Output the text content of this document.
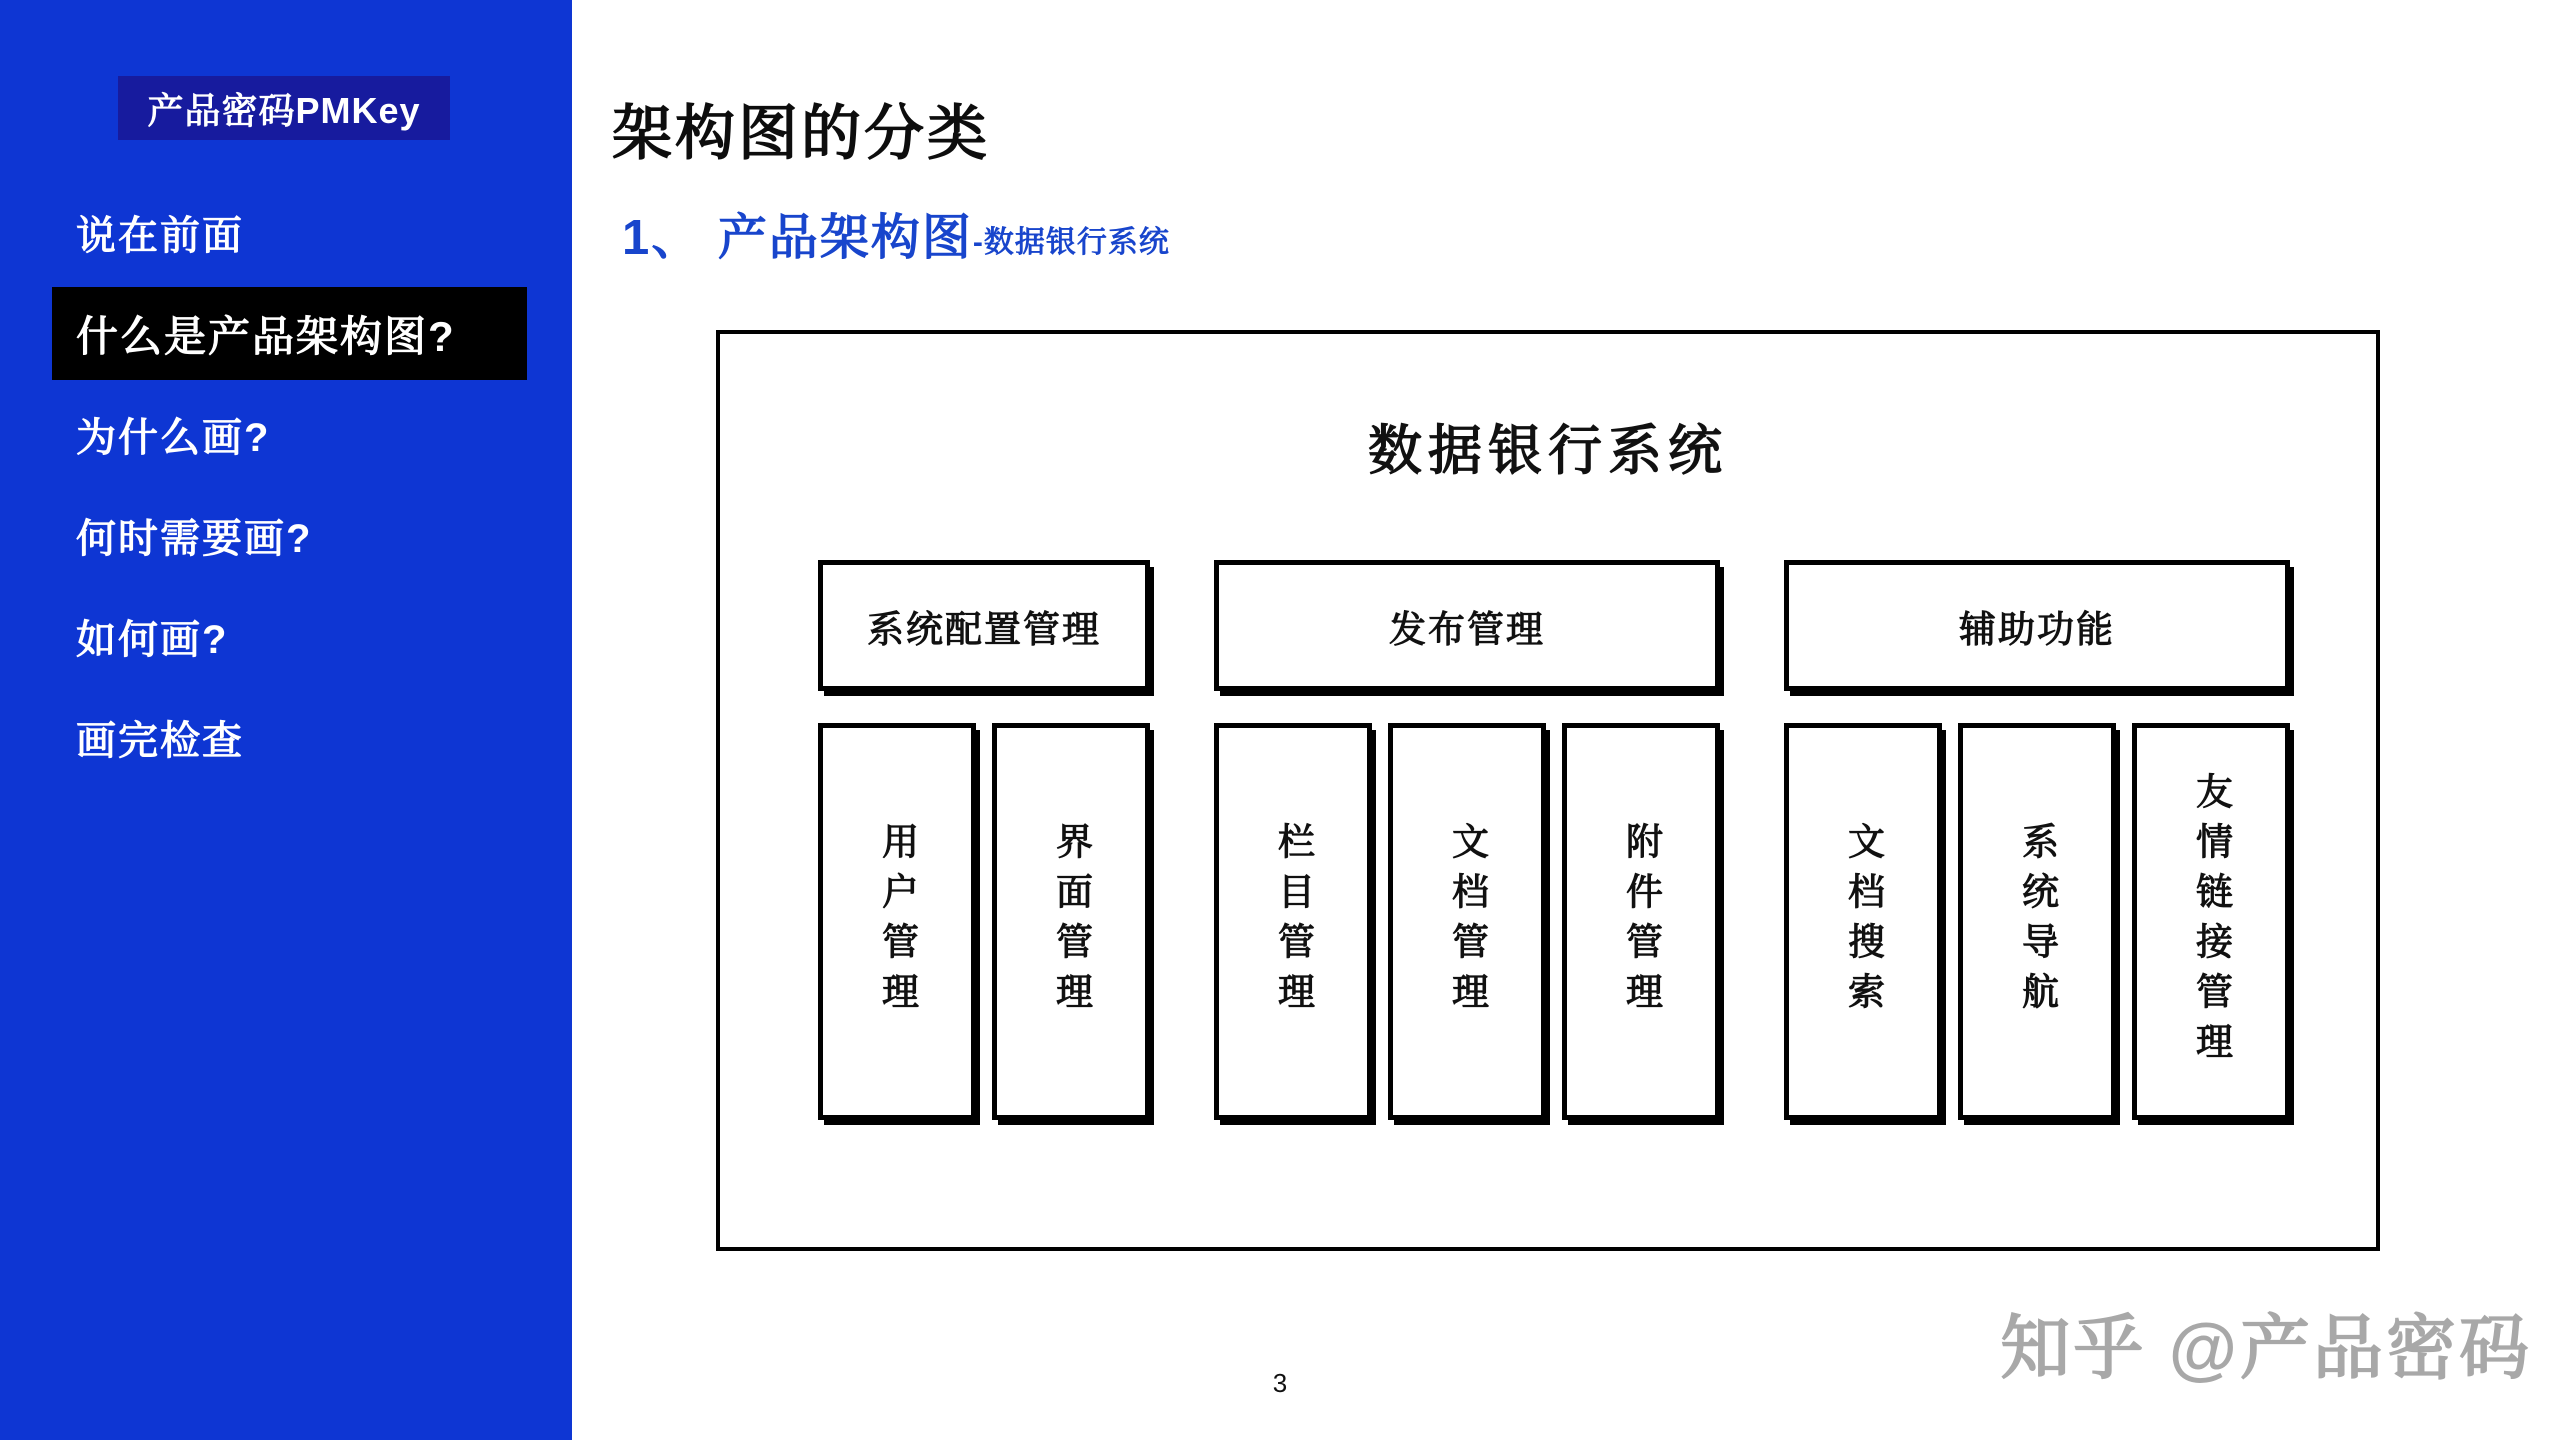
产品密码PMKey
说在前面
什么是产品架构图?
为什么画?
何时需要画?
如何画?
画完检查
架构图的分类
1、 产品架构图 -数据银行系统
数据银行系统
系统配置管理
用户管理	界面管理
发布管理
栏目管理	文档管理	附件管理
辅助功能
文档搜索	系统导航	友情链接管理
3	知乎 @产品密码
